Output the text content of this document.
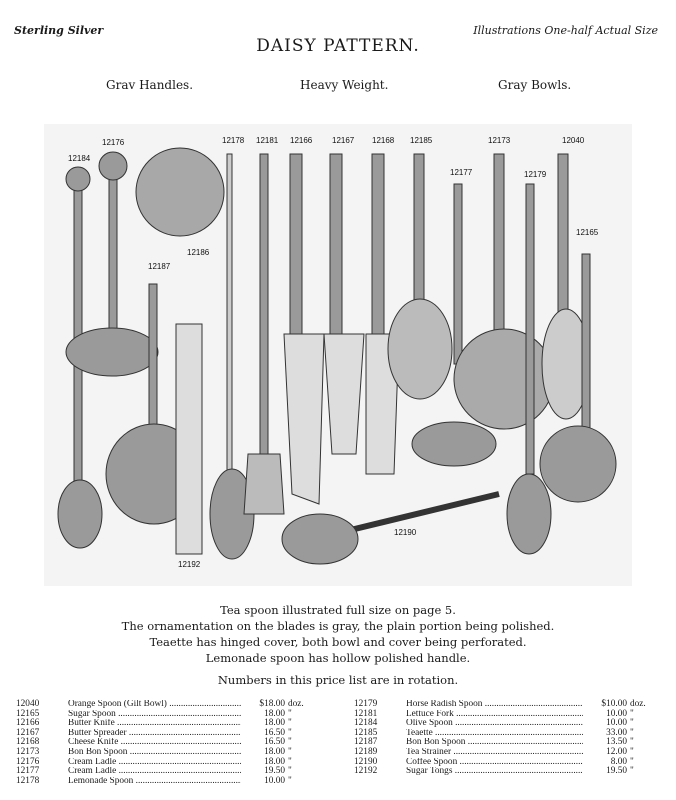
Sterling Silver	Illustrations One-half Actual Size
DAISY PATTERN.
Grav Handles.	Heavy Weight.	Gray Bowls.
12184
12176
12186
12178 12181 12166 12167 12168 12185	12173	12040
12177	12179
12165
12187
12190
12192
Tea spoon illustrated full size on page 5.
The ornamentation on the blades is gray, the plain portion being polished.
Teaette has hinged cover, both bowl and cover being perforated.
Lemonade spoon has hollow polished handle.
Numbers in this price list are in rotation.
12040	Orange Spoon (Gilt Bowl) .....	$18.00 doz.
12165	Sugar Spoon .....	18.00 "
12166	Butter Knife .....	18.00 "
12167	Butter Spreader .....	16.50 "
12168	Cheese Knife .....	16.50 "
12173	Bon Bon Spoon .....	18.00 "
12176	Cream Ladle .....	18.00 "
12177	Cream Ladle .....	19.50 "
12178	Lemonade Spoon .....	10.00 "
12179	Horse Radish Spoon .....	$10.00 doz.
12181	Lettuce Fork .....	10.00 "
12184	Olive Spoon .....	10.00 "
12185	Teaette .....	33.00 "
12187	Bon Bon Spoon .....	13.50 "
12189	Tea Strainer .....	12.00 "
12190	Coffee Spoon .....	8.00 "
12192	Sugar Tongs .....	19.50 "
